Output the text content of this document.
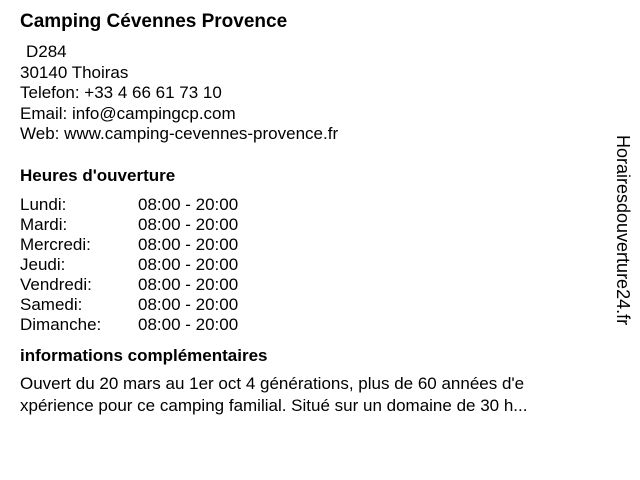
Camping Cévennes Provence
D284
30140 Thoiras
Telefon: +33 4 66 61 73 10
Email: info@campingcp.com
Web: www.camping-cevennes-provence.fr
Heures d'ouverture
Lundi:	08:00 - 20:00
Mardi:	08:00 - 20:00
Mercredi:	08:00 - 20:00
Jeudi:	08:00 - 20:00
Vendredi:	08:00 - 20:00
Samedi:	08:00 - 20:00
Dimanche:	08:00 - 20:00
informations complémentaires

Ouvert du 20 mars au 1er oct 4 générations, plus de 60 années d'e
xpérience pour ce camping familial. Situé sur un domaine de 30 h...

Horairesdouverture24.fr
